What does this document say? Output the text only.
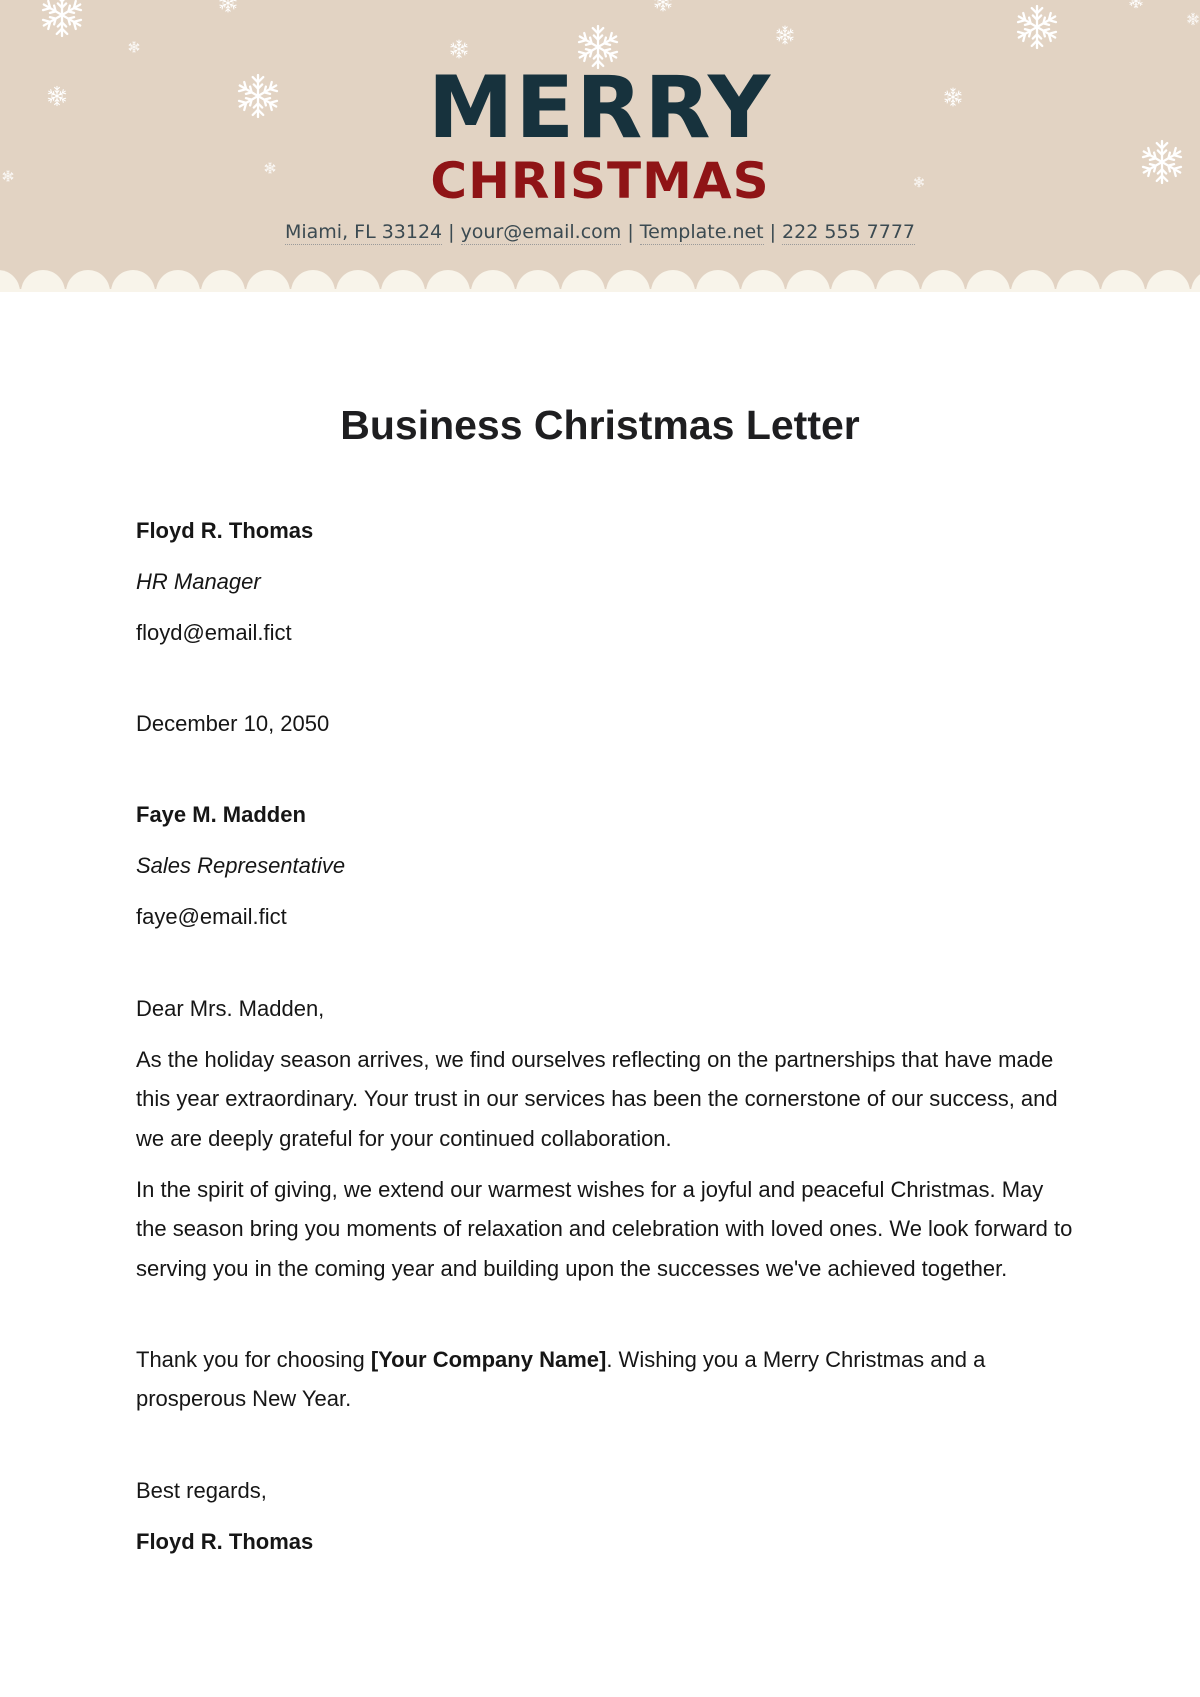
MERRY
CHRISTMAS
Miami, FL 33124 | your@email.com | Template.net | 222 555 7777
Business Christmas Letter
Floyd R. Thomas
HR Manager
floyd@email.fict
December 10, 2050
Faye M. Madden
Sales Representative
faye@email.fict
Dear Mrs. Madden,
As the holiday season arrives, we find ourselves reflecting on the partnerships that have made this year extraordinary. Your trust in our services has been the cornerstone of our success, and we are deeply grateful for your continued collaboration.
In the spirit of giving, we extend our warmest wishes for a joyful and peaceful Christmas. May the season bring you moments of relaxation and celebration with loved ones. We look forward to serving you in the coming year and building upon the successes we've achieved together.
Thank you for choosing [Your Company Name]. Wishing you a Merry Christmas and a prosperous New Year.
Best regards,
Floyd R. Thomas
